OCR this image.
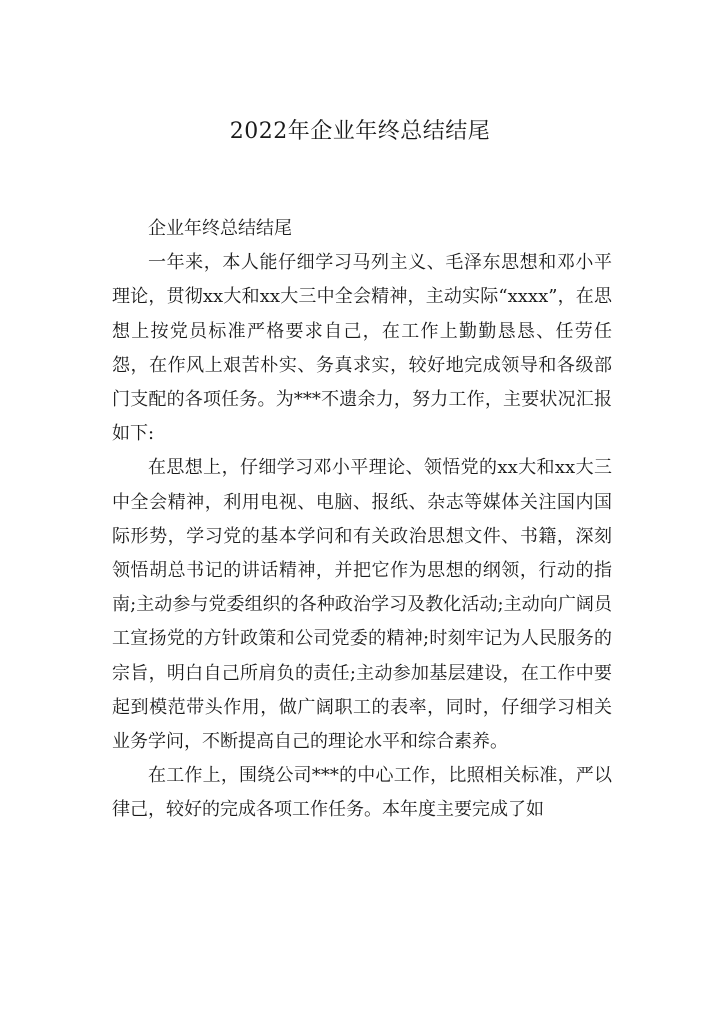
2022年企业年终总结结尾

企业年终总结结尾

一年来，本人能仔细学习马列主义、毛泽东思想和邓小平理论，贯彻xx大和xx大三中全会精神，主动实际“xxxx”，在思想上按党员标准严格要求自己，在工作上勤勤恳恳、任劳任怨，在作风上艰苦朴实、务真求实，较好地完成领导和各级部门支配的各项任务。为***不遗余力，努力工作，主要状况汇报如下:

在思想上，仔细学习邓小平理论、领悟党的xx大和xx大三中全会精神，利用电视、电脑、报纸、杂志等媒体关注国内国际形势，学习党的基本学问和有关政治思想文件、书籍，深刻领悟胡总书记的讲话精神，并把它作为思想的纲领，行动的指南;主动参与党委组织的各种政治学习及教化活动;主动向广阔员工宣扬党的方针政策和公司党委的精神;时刻牢记为人民服务的宗旨，明白自己所肩负的责任;主动参加基层建设，在工作中要起到模范带头作用，做广阔职工的表率，同时，仔细学习相关业务学问，不断提高自己的理论水平和综合素养。

在工作上，围绕公司***的中心工作，比照相关标准，严以律己，较好的完成各项工作任务。本年度主要完成了如
